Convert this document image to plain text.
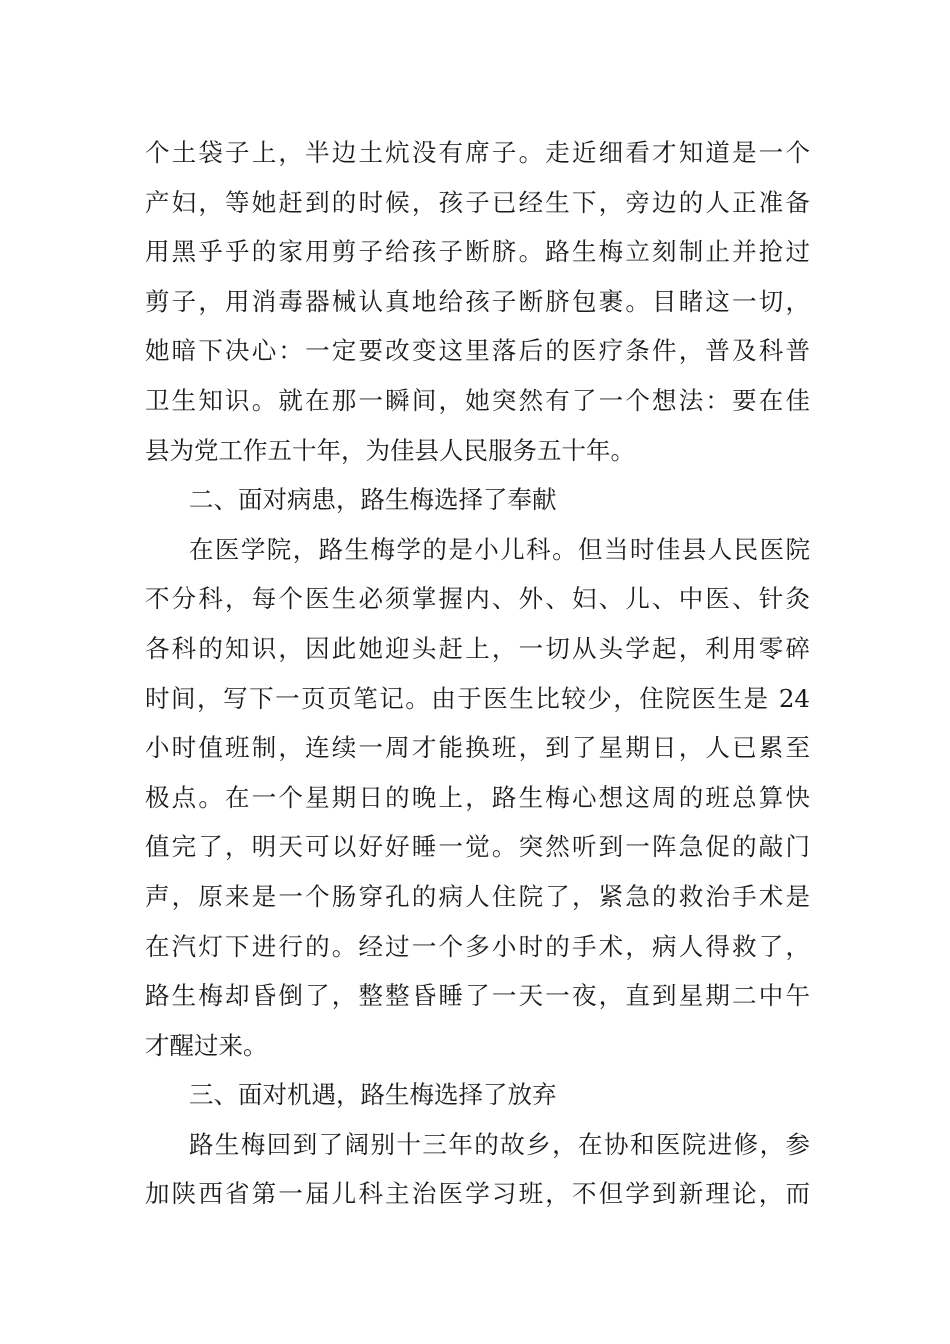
个土袋子上，半边土炕没有席子。走近细看才知道是一个
产妇，等她赶到的时候，孩子已经生下，旁边的人正准备
用黑乎乎的家用剪子给孩子断脐。路生梅立刻制止并抢过
剪子，用消毒器械认真地给孩子断脐包裹。目睹这一切，
她暗下决心：一定要改变这里落后的医疗条件，普及科普
卫生知识。就在那一瞬间，她突然有了一个想法：要在佳
县为党工作五十年，为佳县人民服务五十年。
二、面对病患，路生梅选择了奉献
在医学院，路生梅学的是小儿科。但当时佳县人民医院
不分科，每个医生必须掌握内、外、妇、儿、中医、针灸
各科的知识，因此她迎头赶上，一切从头学起，利用零碎
时间，写下一页页笔记。由于医生比较少，住院医生是 24
小时值班制，连续一周才能换班，到了星期日，人已累至
极点。在一个星期日的晚上，路生梅心想这周的班总算快
值完了，明天可以好好睡一觉。突然听到一阵急促的敲门
声，原来是一个肠穿孔的病人住院了，紧急的救治手术是
在汽灯下进行的。经过一个多小时的手术，病人得救了，
路生梅却昏倒了，整整昏睡了一天一夜，直到星期二中午
才醒过来。
三、面对机遇，路生梅选择了放弃
路生梅回到了阔别十三年的故乡，在协和医院进修，参
加陕西省第一届儿科主治医学习班，不但学到新理论，而
